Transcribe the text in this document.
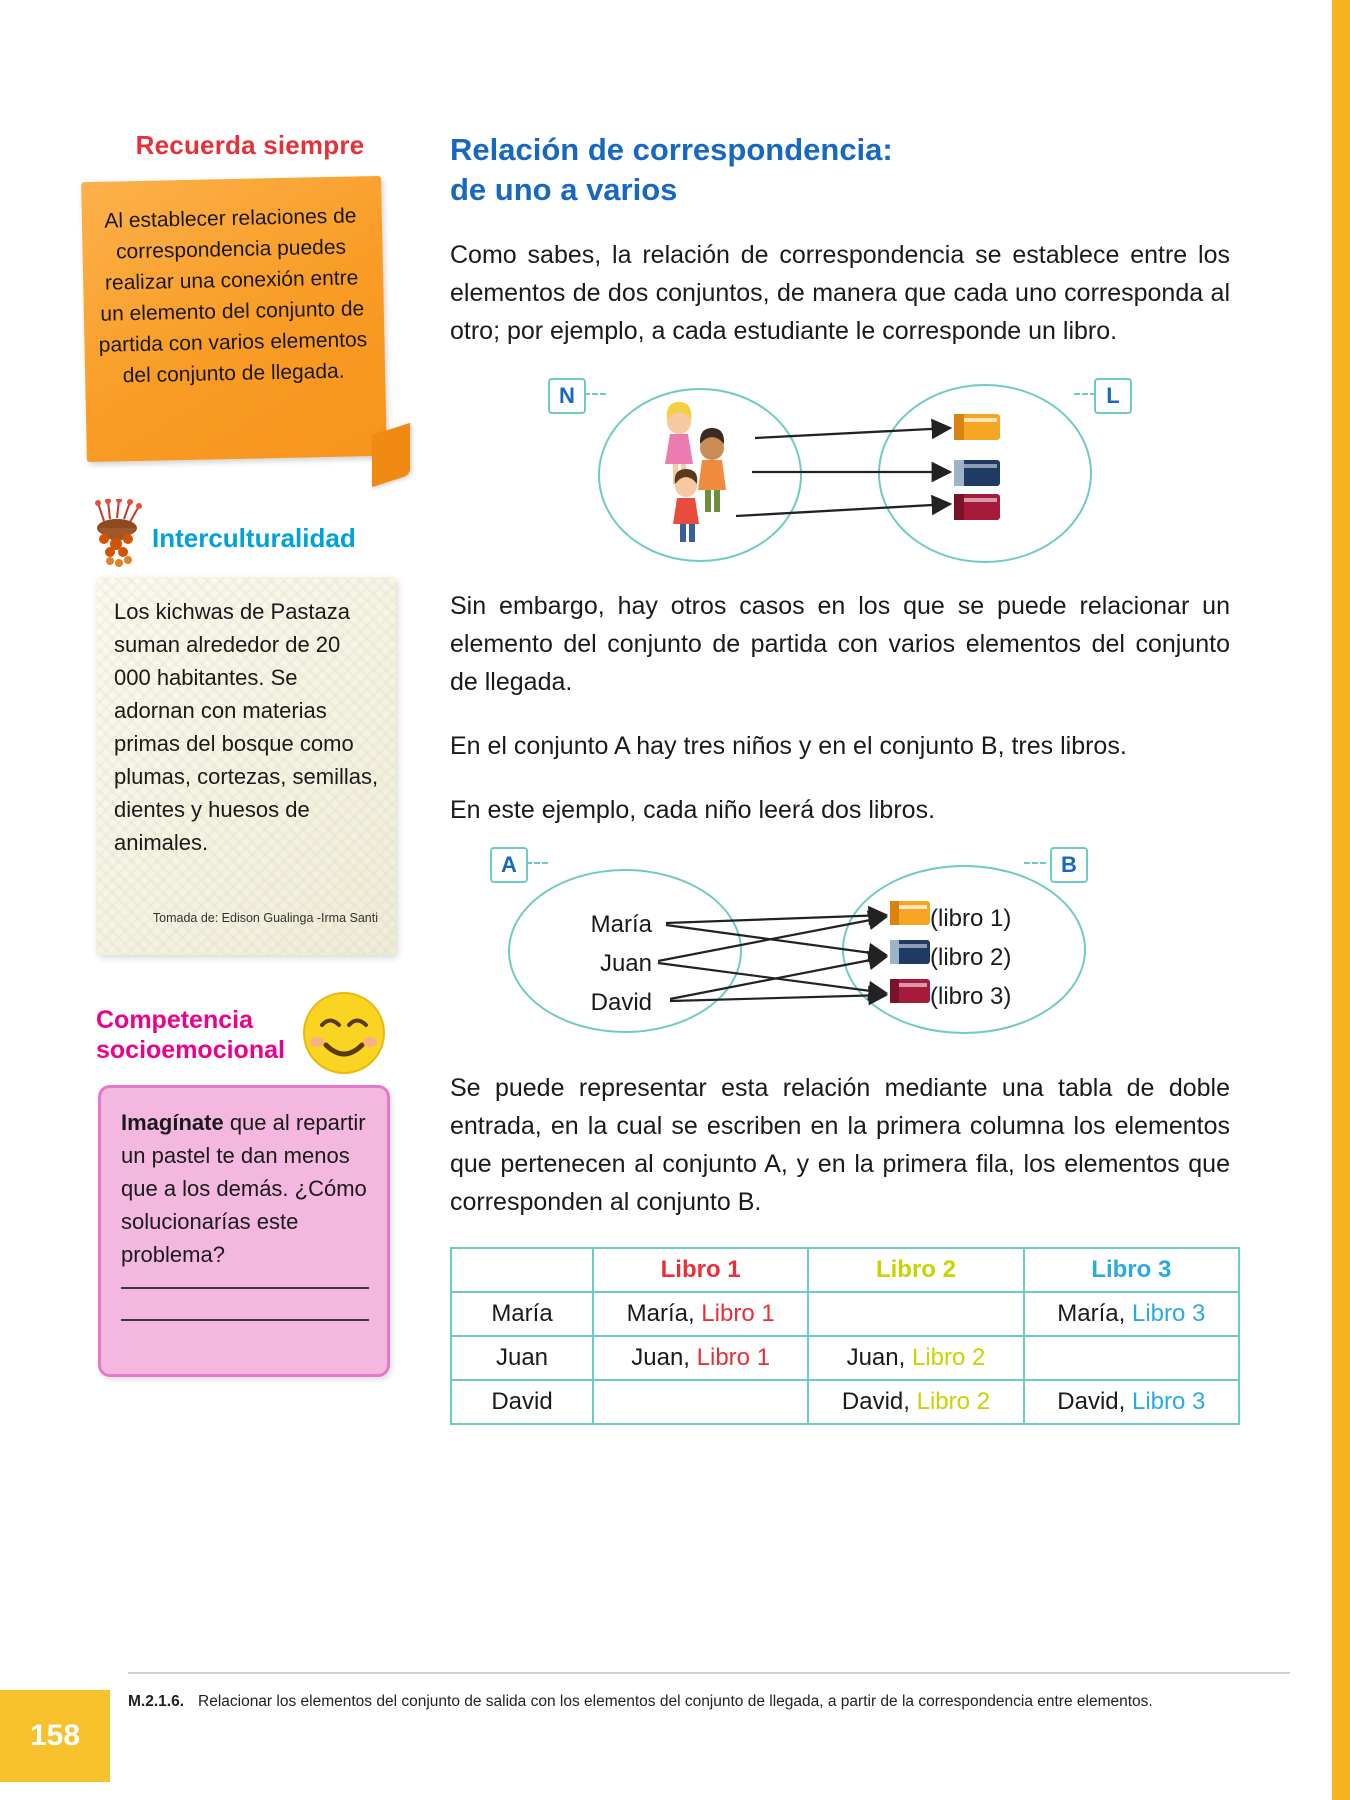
Recuerda siempre
Al establecer relaciones de correspondencia puedes realizar una conexión entre un elemento del conjunto de partida con varios elementos del conjunto de llegada.
Interculturalidad
Los kichwas de Pastaza suman alrededor de 20 000 habitantes. Se adornan con materias primas del bosque como plumas, cortezas, semillas, dientes y huesos de animales.
Tomada de: Edison Gualinga -Irma Santi
Competencia
socioemocional
Imagínate que al repartir un pastel te dan menos que a los demás. ¿Cómo solucionarías este problema?
Relación de correspondencia:
de uno a varios

Como sabes, la relación de correspondencia se establece entre los elementos de dos conjuntos, de manera que cada uno corresponda al otro; por ejemplo, a cada estudiante le corresponde un libro.

N	L

Sin embargo, hay otros casos en los que se puede relacionar un elemento del conjunto de partida con varios elementos del conjunto de llegada.

En el conjunto A hay tres niños y en el conjunto B, tres libros.

En este ejemplo, cada niño leerá dos libros.

A	B
María
Juan
David
(libro 1)
(libro 2)
(libro 3)

Se puede representar esta relación mediante una tabla de doble entrada, en la cual se escriben en la primera columna los elementos que pertenecen al conjunto A, y en la primera fila, los elementos que corresponden al conjunto B.

	Libro 1	Libro 2	Libro 3
María	María, Libro 1		María, Libro 3
Juan	Juan, Libro 1	Juan, Libro 2	
David		David, Libro 2	David, Libro 3
158
M.2.1.6. Relacionar los elementos del conjunto de salida con los elementos del conjunto de llegada, a partir de la correspondencia entre elementos.
